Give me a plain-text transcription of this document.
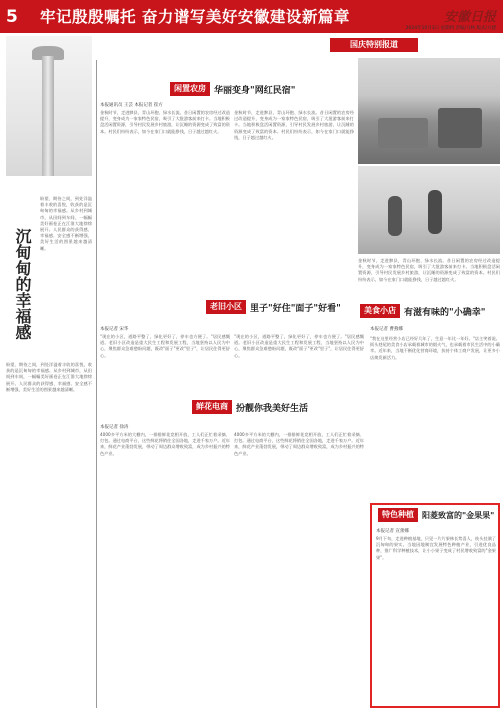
5 牢记殷殷嘱托 奋力谱写美好安徽建设新篇章	安徽日报
2024年10月3日 星期四 责编/马林 版式/方建
国庆特别报道
沉甸甸的幸福感
盼望、期待之间，到处洋溢着丰收的喜悦，收获的是沉甸甸的幸福感。从乡村到城市，从田间到车间，一幅幅美好画卷正在江淮大地徐徐展开。人民群众的获得感、幸福感、安全感不断增强，美好生活的图景越来越清晰。
盼望、期待之间，到处洋溢着丰收的喜悦，收获的是沉甸甸的幸福感。从乡村到城市，从田间到车间，一幅幅美好画卷正在江淮大地徐徐展开。人民群众的获得感、幸福感、安全感不断增强，美好生活的图景越来越清晰。
闲置农房 华丽变身"网红民宿"
本报通讯员 王芸 本报记者 崔方
金秋时节，走进黟县，青山环抱、绿水长流。昔日闲置的农房经过改造提升，变身成为一家家特色民宿，吸引了大批游客前来打卡。当地积极盘活闲置资源，引导村民发展乡村旅游，让沉睡的资源变成了致富的资本。村民们纷纷表示，如今在家门口就能挣钱，日子越过越红火。
金秋时节，走进黟县，青山环抱、绿水长流。昔日闲置的农房经过改造提升，变身成为一家家特色民宿，吸引了大批游客前来打卡。当地积极盘活闲置资源，引导村民发展乡村旅游，让沉睡的资源变成了致富的资本。村民们纷纷表示，如今在家门口就能挣钱，日子越过越红火。
金秋时节，走进黟县，青山环抱、绿水长流。昔日闲置的农房经过改造提升，变身成为一家家特色民宿，吸引了大批游客前来打卡。当地积极盘活闲置资源，引导村民发展乡村旅游，让沉睡的资源变成了致富的资本。村民们纷纷表示，如今在家门口就能挣钱，日子越过越红火。
美食小店 有滋有味的"小确幸"
本报记者 曹燕娜
"我在这里经营小店已经好几年了，生意一年比一年好。"店主笑着说。街头巷尾的美食小店承载着城市的烟火气，也承载着市民生活中的小确幸。近年来，当地不断优化营商环境，扶持个体工商户发展，让更多小店焕发新活力。
老旧小区 里子"好住"面子"好看"
本报记者 宋华
"现在的小区，道路平整了，绿化更好了，停车也方便了。"居民感慨道。老旧小区改造是重大民生工程和发展工程，当地坚持以人民为中心，聚焦群众急难愁盼问题，既改"面子"更改"里子"，让居民住得更舒心。
"现在的小区，道路平整了，绿化更好了，停车也方便了。"居民感慨道。老旧小区改造是重大民生工程和发展工程，当地坚持以人民为中心，聚焦群众急难愁盼问题，既改"面子"更改"里子"，让居民住得更舒心。
鲜花电商 扮靓你我美好生活
本报记者 徐涛
4000多平方米的大棚内，一排排鲜花竞相开放，工人们正忙着采摘、打包。通过电商平台，这些鲜花将销往全国各地，走进千家万户。近年来，鲜花产业蓬勃发展，带动了周边群众增收致富，成为乡村振兴的特色产业。
4000多平方米的大棚内，一排排鲜花竞相开放，工人们正忙着采摘、打包。通过电商平台，这些鲜花将销往全国各地，走进千家万户。近年来，鲜花产业蓬勃发展，带动了周边群众增收致富，成为乡村振兴的特色产业。
特色种植	阳菱致富的"金果果"
本报记者 宣蕾娜
9月下旬，走进种植基地，只见一片片果林长势喜人，枝头挂满了沉甸甸的果实。当地因地制宜发展特色种植产业，引进优良品种，推广科学种植技术，让小小果子变成了村民增收致富的"金果果"。
